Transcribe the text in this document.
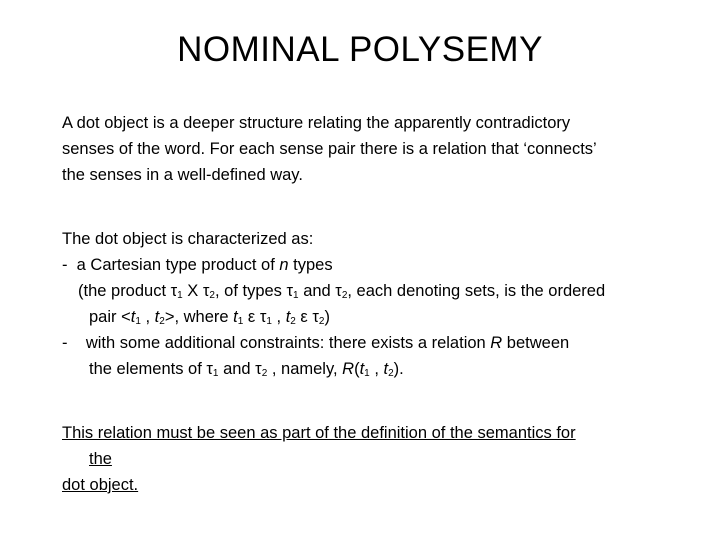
NOMINAL POLYSEMY
A dot object is a deeper structure relating the apparently contradictory
senses of the word. For each sense pair there is a relation that ‘connects’
the senses in a well-defined way.
The dot object is characterized as:
- a Cartesian type product of n types
(the product $\tau_1$ X $\tau_2$, of types $\tau_1$ and $\tau_2$, each denoting sets, is the ordered
pair $<t_1$ , $t_2>$, where $t_1$ ε $\tau_1$ , $t_2$ ε $\tau_2$)
- with some additional constraints: there exists a relation R between
the elements of $\tau_1$ and $\tau_2$ , namely, $R(t_1$ , $t_2$).
This relation must be seen as part of the definition of the semantics for
the
dot object.
